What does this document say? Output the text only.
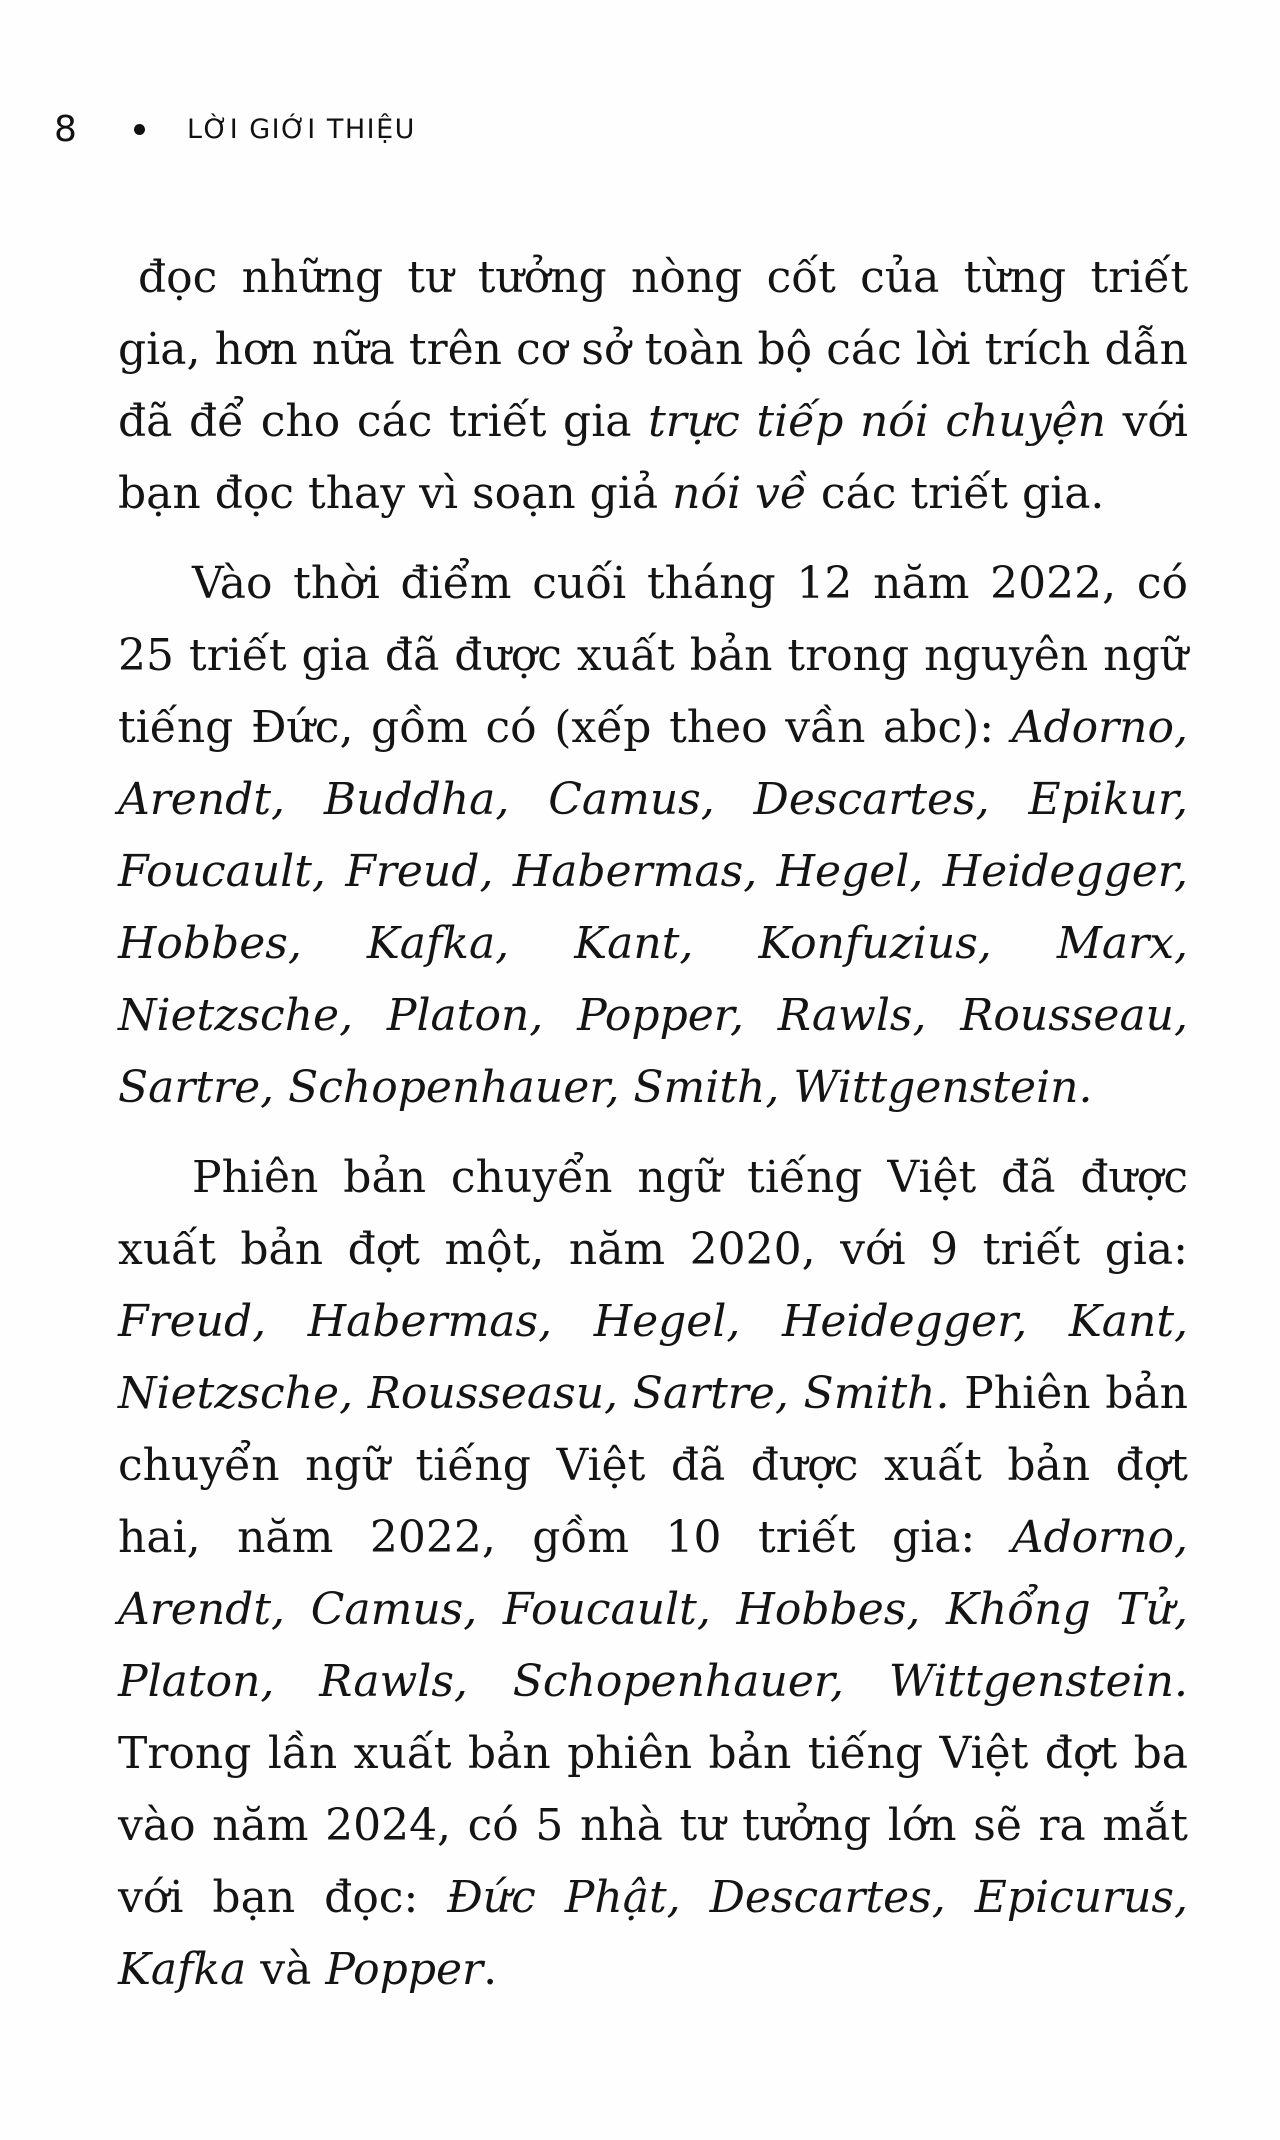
8	LỜI GIỚI THIỆU

đọc những tư tưởng nòng cốt của từng triết gia, hơn nữa trên cơ sở toàn bộ các lời trích dẫn đã để cho các triết gia trực tiếp nói chuyện với bạn đọc thay vì soạn giả nói về các triết gia.

Vào thời điểm cuối tháng 12 năm 2022, có 25 triết gia đã được xuất bản trong nguyên ngữ tiếng Đức, gồm có (xếp theo vần abc): Adorno, Arendt, Buddha, Camus, Descartes, Epikur, Foucault, Freud, Habermas, Hegel, Heidegger, Hobbes, Kafka, Kant, Konfuzius, Marx, Nietzsche, Platon, Popper, Rawls, Rousseau, Sartre, Schopenhauer, Smith, Wittgenstein.

Phiên bản chuyển ngữ tiếng Việt đã được xuất bản đợt một, năm 2020, với 9 triết gia: Freud, Habermas, Hegel, Heidegger, Kant, Nietzsche, Rousseasu, Sartre, Smith. Phiên bản chuyển ngữ tiếng Việt đã được xuất bản đợt hai, năm 2022, gồm 10 triết gia: Adorno, Arendt, Camus, Foucault, Hobbes, Khổng Tử, Platon, Rawls, Schopenhauer, Wittgenstein. Trong lần xuất bản phiên bản tiếng Việt đợt ba vào năm 2024, có 5 nhà tư tưởng lớn sẽ ra mắt với bạn đọc: Đức Phật, Descartes, Epicurus, Kafka và Popper.
